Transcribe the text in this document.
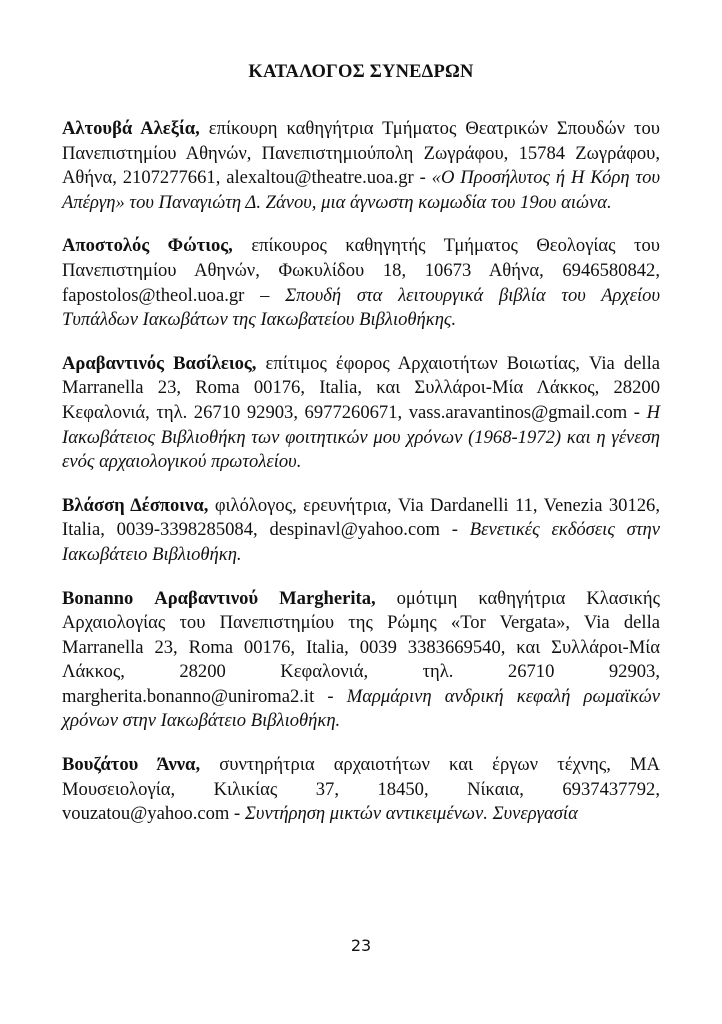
ΚΑΤΑΛΟΓΟΣ ΣΥΝΕΔΡΩΝ

Αλτουβά Αλεξία, επίκουρη καθηγήτρια Τμήματος Θεατρικών Σπουδών του Πανεπιστημίου Αθηνών, Πανεπιστημιούπολη Ζωγράφου, 15784 Ζωγράφου, Αθήνα, 2107277661, alexaltou@theatre.uoa.gr - «Ο Προσήλυτος ή Η Κόρη του Απέργη» του Παναγιώτη Δ. Ζάνου, μια άγνωστη κωμωδία του 19ου αιώνα.

Αποστολός Φώτιος, επίκουρος καθηγητής Τμήματος Θεολογίας του Πανεπιστημίου Αθηνών, Φωκυλίδου 18, 10673 Αθήνα, 6946580842, fapostolos@theol.uoa.gr – Σπουδή στα λειτουργικά βιβλία του Αρχείου Τυπάλδων Ιακωβάτων της Ιακωβατείου Βιβλιοθήκης.

Αραβαντινός Βασίλειος, επίτιμος έφορος Αρχαιοτήτων Βοιωτίας, Via della Marranella 23, Roma 00176, Italia, και Συλλάροι-Μία Λάκκος, 28200 Κεφαλονιά, τηλ. 26710 92903, 6977260671, vass.aravantinos@gmail.com - Η Ιακωβάτειος Βιβλιοθήκη των φοιτητικών μου χρόνων (1968-1972) και η γένεση ενός αρχαιολογικού πρωτολείου.

Βλάσση Δέσποινα, φιλόλογος, ερευνήτρια, Via Dardanelli 11, Venezia 30126, Italia, 0039-3398285084, despinavl@yahoo.com - Βενετικές εκδόσεις στην Ιακωβάτειο Βιβλιοθήκη.

Bonanno Αραβαντινού Margherita, ομότιμη καθηγήτρια Κλασικής Αρχαιολογίας του Πανεπιστημίου της Ρώμης «Tor Vergata», Via della Marranella 23, Roma 00176, Italia, 0039 3383669540, και Συλλάροι-Μία Λάκκος, 28200 Κεφαλονιά, τηλ. 26710 92903, margherita.bonanno@uniroma2.it - Μαρμάρινη ανδρική κεφαλή ρωμαϊκών χρόνων στην Ιακωβάτειο Βιβλιοθήκη.

Βουζάτου Άννα, συντηρήτρια αρχαιοτήτων και έργων τέχνης, MA Μουσειολογία, Κιλικίας 37, 18450, Νίκαια, 6937437792, vouzatou@yahoo.com - Συντήρηση μικτών αντικειμένων. Συνεργασία

23
